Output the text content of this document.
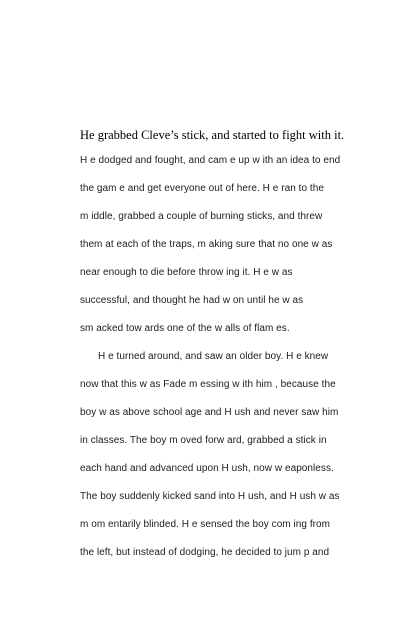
He grabbed Cleve’s stick, and started to fight with it.

H e dodged and fought, and cam e up w ith an idea to end

the gam e and get everyone out of here. H e ran to the

m iddle, grabbed a couple of burning sticks, and threw

them at each of the traps, m aking sure that no one w as

near enough to die before throw ing it. H e w as

successful, and thought he had w on until he w as

sm acked tow ards one of the w alls of flam es.

H e turned around, and saw an older boy. H e knew

now that this w as Fade m essing w ith him , because the

boy w as above school age and H ush and never saw him

in classes. The boy m oved forw ard, grabbed a stick in

each hand and advanced upon H ush, now w eaponless.

The boy suddenly kicked sand into H ush, and H ush w as

m om entarily blinded. H e sensed the boy com ing from

the left, but instead of dodging, he decided to jum p and
